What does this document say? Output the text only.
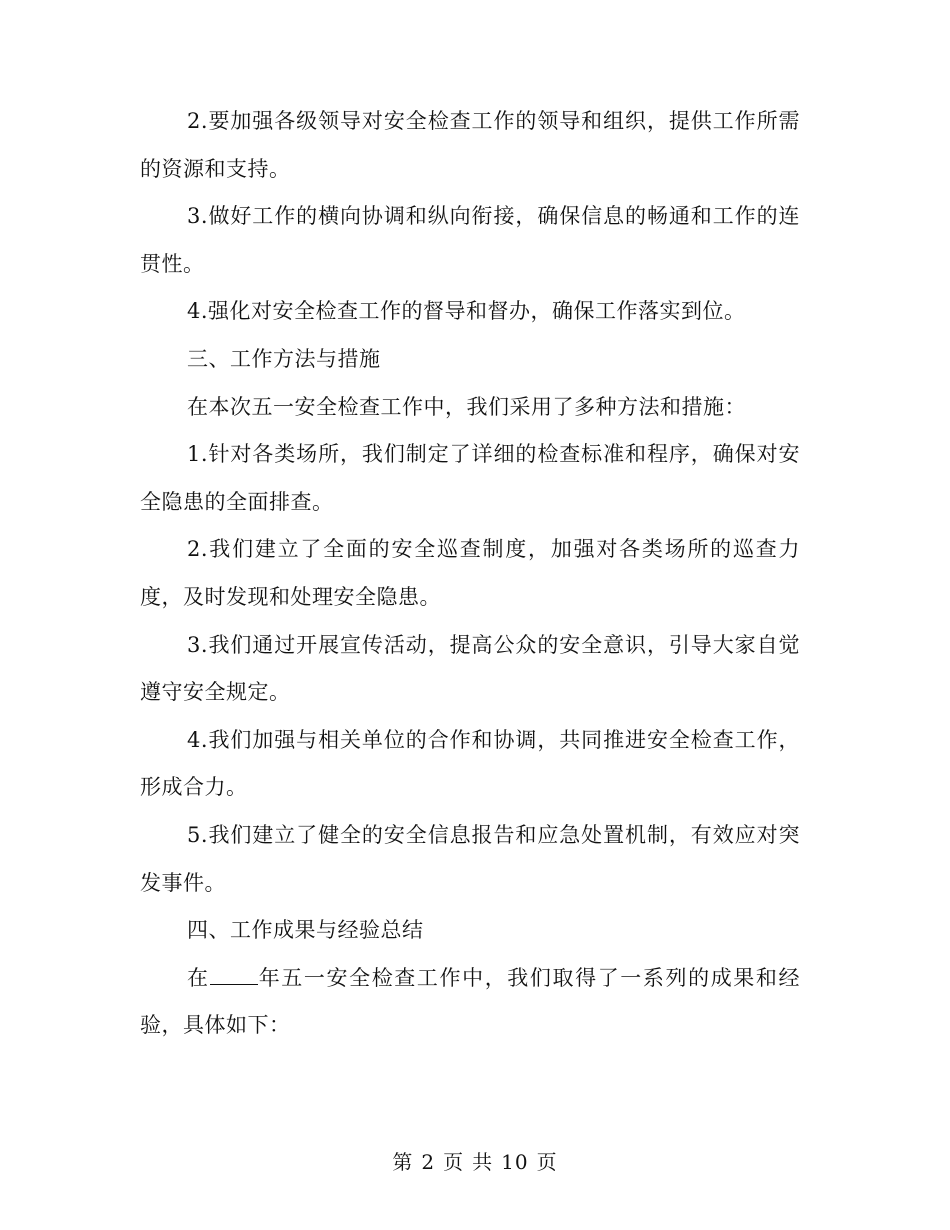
2.要加强各级领导对安全检查工作的领导和组织，提供工作所需的资源和支持。

3.做好工作的横向协调和纵向衔接，确保信息的畅通和工作的连贯性。

4.强化对安全检查工作的督导和督办，确保工作落实到位。

三、工作方法与措施

在本次五一安全检查工作中，我们采用了多种方法和措施：

1.针对各类场所，我们制定了详细的检查标准和程序，确保对安全隐患的全面排查。

2.我们建立了全面的安全巡查制度，加强对各类场所的巡查力度，及时发现和处理安全隐患。

3.我们通过开展宣传活动，提高公众的安全意识，引导大家自觉遵守安全规定。

4.我们加强与相关单位的合作和协调，共同推进安全检查工作，形成合力。

5.我们建立了健全的安全信息报告和应急处置机制，有效应对突发事件。

四、工作成果与经验总结

在 年五一安全检查工作中，我们取得了一系列的成果和经验，具体如下：

第 2 页 共 10 页
